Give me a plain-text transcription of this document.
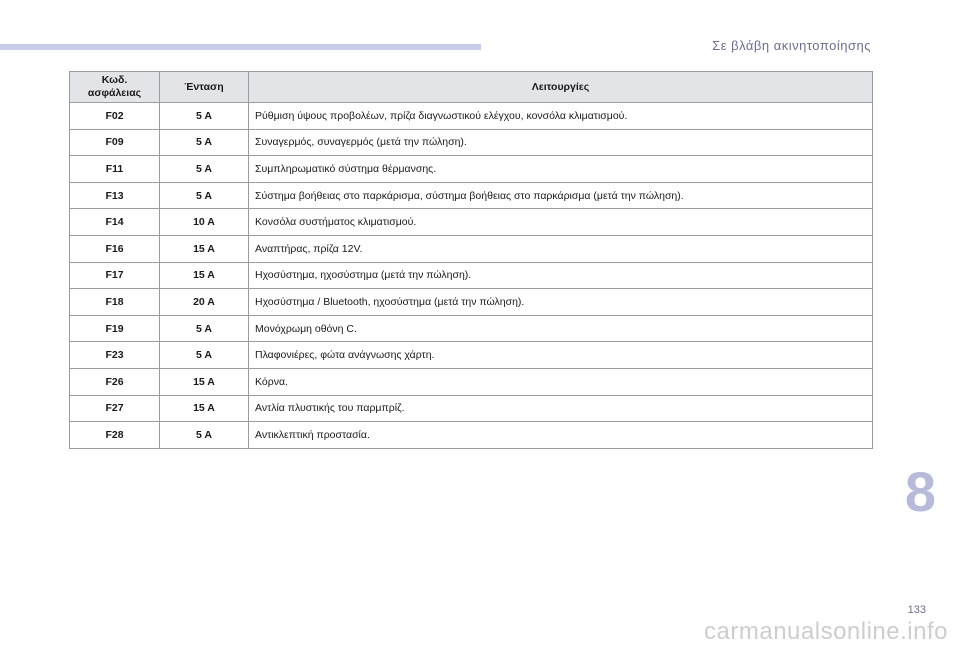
Σε βλάβη ακινητοποίησης
Κωδ.
ασφάλειας	Ένταση	Λειτουργίες
F02	5 A	Ρύθμιση ύψους προβολέων, πρίζα διαγνωστικού ελέγχου, κονσόλα κλιματισμού.
F09	5 A	Συναγερμός, συναγερμός (μετά την πώληση).
F11	5 A	Συμπληρωματικό σύστημα θέρμανσης.
F13	5 A	Σύστημα βοήθειας στο παρκάρισμα, σύστημα βοήθειας στο παρκάρισμα (μετά την πώληση).
F14	10 A	Κονσόλα συστήματος κλιματισμού.
F16	15 A	Αναπτήρας, πρίζα 12V.
F17	15 A	Ηχοσύστημα, ηχοσύστημα (μετά την πώληση).
F18	20 A	Ηχοσύστημα / Bluetooth, ηχοσύστημα (μετά την πώληση).
F19	5 A	Μονόχρωμη οθόνη C.
F23	5 A	Πλαφονιέρες, φώτα ανάγνωσης χάρτη.
F26	15 A	Κόρνα.
F27	15 A	Αντλία πλυστικής του παρμπρίζ.
F28	5 A	Αντικλεπτική προστασία.
8
133
carmanualsonline.info
